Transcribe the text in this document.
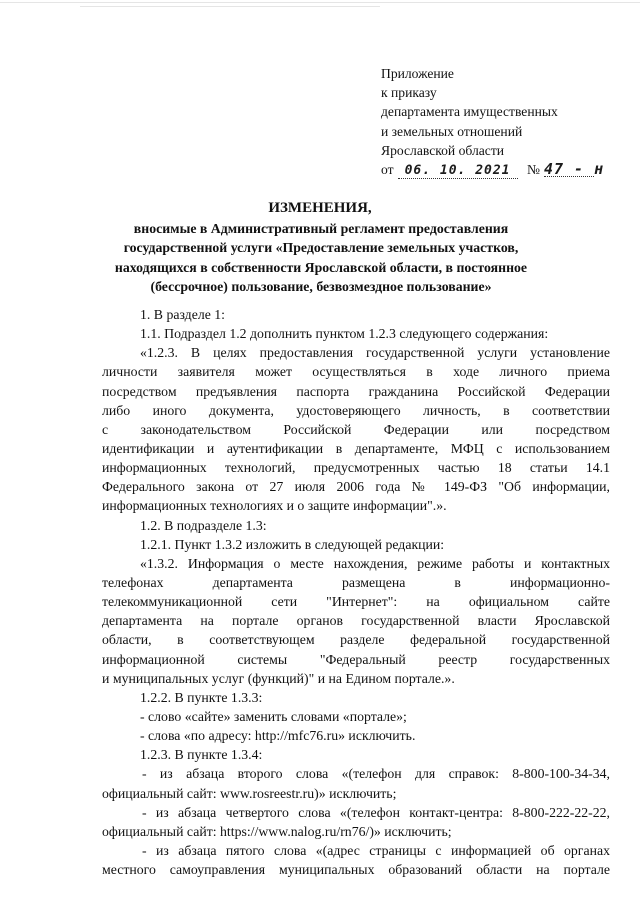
Приложение
к приказу
департамента имущественных
и земельных отношений
Ярославской области
от 06. 10. 2021 № 47 - н
ИЗМЕНЕНИЯ,
вносимые в Административный регламент предоставления
государственной услуги «Предоставление земельных участков,
находящихся в собственности Ярославской области, в постоянное
(бессрочное) пользование, безвозмездное пользование»
1. В разделе 1:
1.1. Подраздел 1.2 дополнить пунктом 1.2.3 следующего содержания:
«1.2.3. В целях предоставления государственной услуги установление
личности заявителя может осуществляться в ходе личного приема
посредством предъявления паспорта гражданина Российской Федерации
либо иного документа, удостоверяющего личность, в соответствии
с законодательством Российской Федерации или посредством
идентификации и аутентификации в департаменте, МФЦ с использованием
информационных технологий, предусмотренных частью 18 статьи 14.1
Федерального закона от 27 июля 2006 года № 149-ФЗ "Об информации,
информационных технологиях и о защите информации".».
1.2. В подразделе 1.3:
1.2.1. Пункт 1.3.2 изложить в следующей редакции:
«1.3.2. Информация о месте нахождения, режиме работы и контактных
телефонах департамента размещена в информационно-
телекоммуникационной сети "Интернет": на официальном сайте
департамента на портале органов государственной власти Ярославской
области, в соответствующем разделе федеральной государственной
информационной системы "Федеральный реестр государственных
и муниципальных услуг (функций)" и на Едином портале.».
1.2.2. В пункте 1.3.3:
- слово «сайте» заменить словами «портале»;
- слова «по адресу: http://mfc76.ru» исключить.
1.2.3. В пункте 1.3.4:
- из абзаца второго слова «(телефон для справок: 8-800-100-34-34,
официальный сайт: www.rosreestr.ru)» исключить;
- из абзаца четвертого слова «(телефон контакт-центра: 8-800-222-22-22,
официальный сайт: https://www.nalog.ru/rn76/)» исключить;
- из абзаца пятого слова «(адрес страницы с информацией об органах
местного самоуправления муниципальных образований области на портале
